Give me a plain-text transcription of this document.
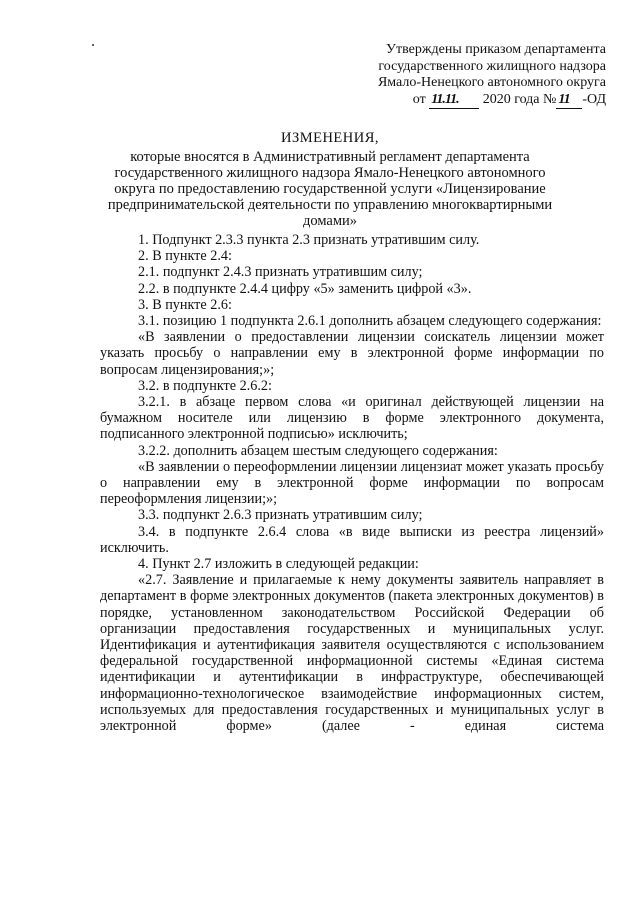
Утверждены приказом департамента
государственного жилищного надзора
Ямало-Ненецкого автономного округа
от 11.11. 2020 года № 11 -ОД
ИЗМЕНЕНИЯ,
которые вносятся в Административный регламент департамента государственного жилищного надзора Ямало-Ненецкого автономного округа по предоставлению государственной услуги «Лицензирование предпринимательской деятельности по управлению многоквартирными домами»

1. Подпункт 2.3.3 пункта 2.3 признать утратившим силу.

2. В пункте 2.4:

2.1. подпункт 2.4.3 признать утратившим силу;

2.2. в подпункте 2.4.4 цифру «5» заменить цифрой «3».

3. В пункте 2.6:

3.1. позицию 1 подпункта 2.6.1 дополнить абзацем следующего содержания:

«В заявлении о предоставлении лицензии соискатель лицензии может указать просьбу о направлении ему в электронной форме информации по вопросам лицензирования;»;

3.2. в подпункте 2.6.2:

3.2.1. в абзаце первом слова «и оригинал действующей лицензии на бумажном носителе или лицензию в форме электронного документа, подписанного электронной подписью» исключить;

3.2.2. дополнить абзацем шестым следующего содержания:

«В заявлении о переоформлении лицензии лицензиат может указать просьбу о направлении ему в электронной форме информации по вопросам переоформления лицензии;»;

3.3. подпункт 2.6.3 признать утратившим силу;

3.4. в подпункте 2.6.4 слова «в виде выписки из реестра лицензий» исключить.

4. Пункт 2.7 изложить в следующей редакции:

«2.7. Заявление и прилагаемые к нему документы заявитель направляет в департамент в форме электронных документов (пакета электронных документов) в порядке, установленном законодательством Российской Федерации об организации предоставления государственных и муниципальных услуг. Идентификация и аутентификация заявителя осуществляются с использованием федеральной государственной информационной системы «Единая система идентификации и аутентификации в инфраструктуре, обеспечивающей информационно-технологическое взаимодействие информационных систем, используемых для предоставления государственных и муниципальных услуг в электронной форме» (далее - единая система
